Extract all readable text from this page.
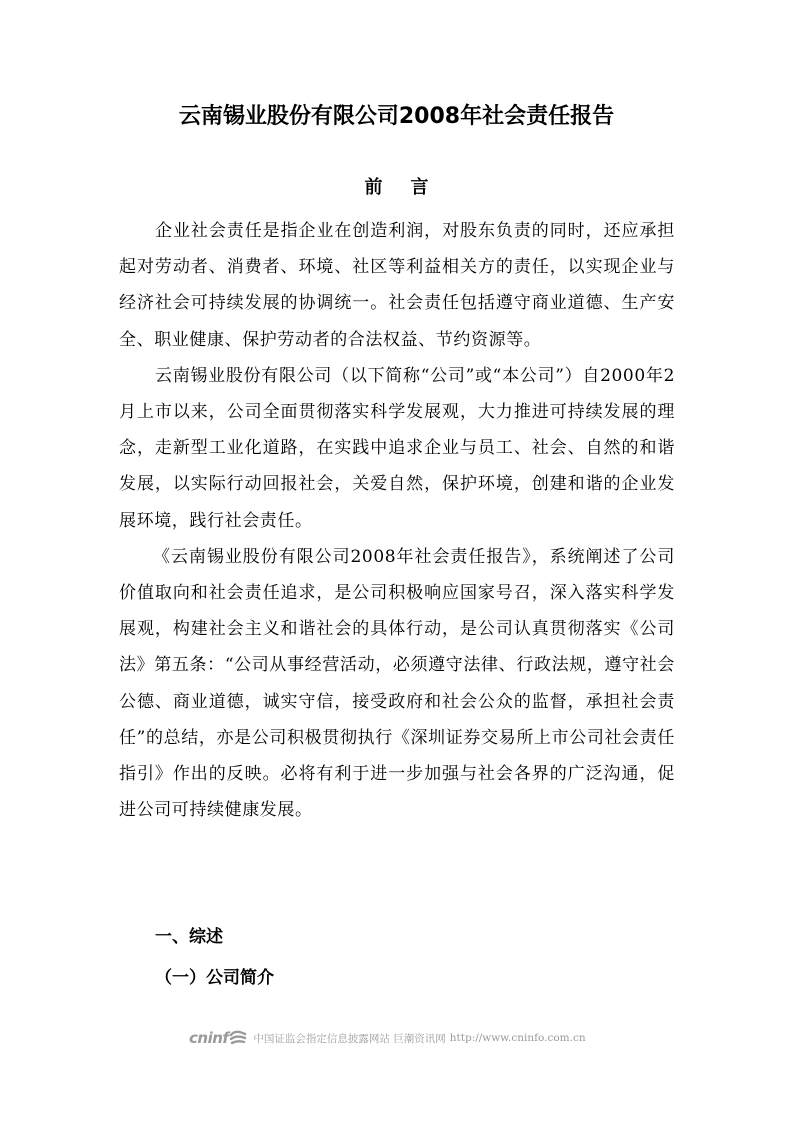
云南锡业股份有限公司2008年社会责任报告
前言

企业社会责任是指企业在创造利润，对股东负责的同时，还应承担起对劳动者、消费者、环境、社区等利益相关方的责任，以实现企业与经济社会可持续发展的协调统一。社会责任包括遵守商业道德、生产安全、职业健康、保护劳动者的合法权益、节约资源等。

云南锡业股份有限公司（以下简称“公司”或“本公司”）自2000年2月上市以来，公司全面贯彻落实科学发展观，大力推进可持续发展的理念，走新型工业化道路，在实践中追求企业与员工、社会、自然的和谐发展，以实际行动回报社会，关爱自然，保护环境，创建和谐的企业发展环境，践行社会责任。

《云南锡业股份有限公司2008年社会责任报告》，系统阐述了公司价值取向和社会责任追求，是公司积极响应国家号召，深入落实科学发展观，构建社会主义和谐社会的具体行动，是公司认真贯彻落实《公司法》第五条：“公司从事经营活动，必须遵守法律、行政法规，遵守社会公德、商业道德，诚实守信，接受政府和社会公众的监督，承担社会责任”的总结，亦是公司积极贯彻执行《深圳证券交易所上市公司社会责任指引》作出的反映。必将有利于进一步加强与社会各界的广泛沟通，促进公司可持续健康发展。

一、综述
（一）公司简介
cninf 中国证监会指定信息披露网站 巨潮资讯网 http://www.cninfo.com.cn
